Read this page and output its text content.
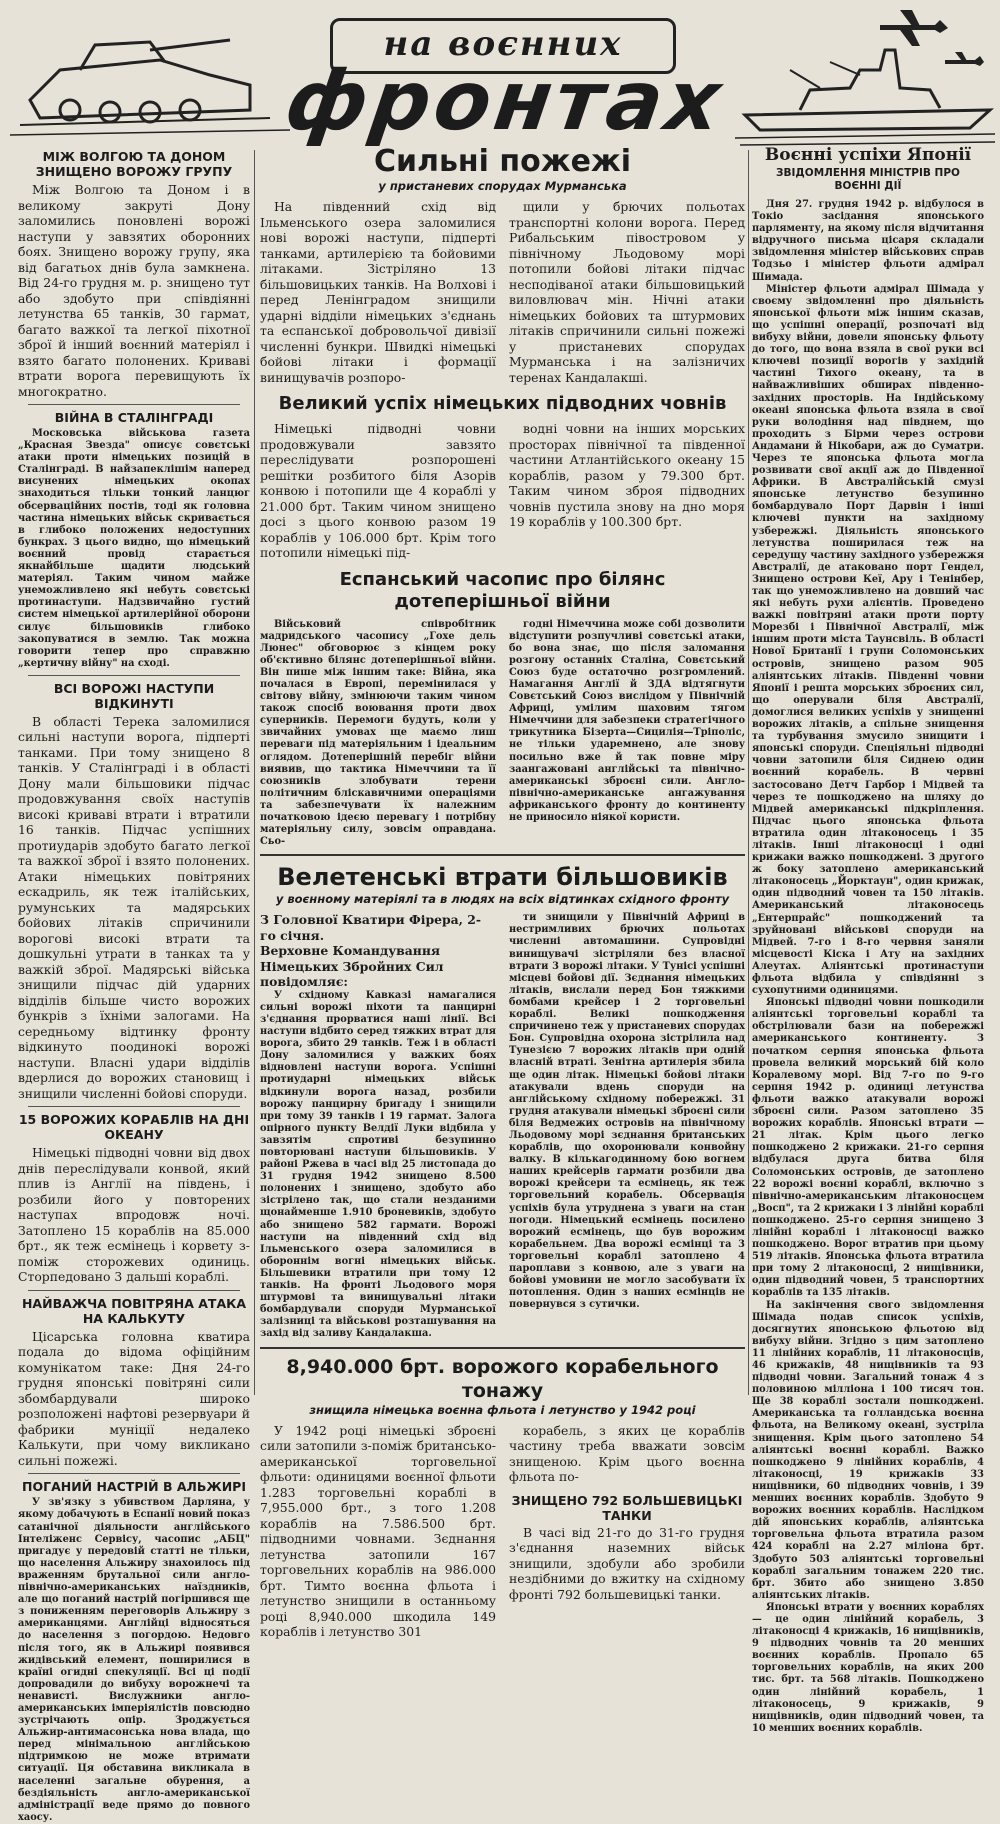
на воєнних
фронтах
МІЖ ВОЛГОЮ ТА ДОНОМ ЗНИЩЕНО ВОРОЖУ ГРУПУ

Між Волгою та Доном і в великому закруті Дону заломились поновлені ворожі наступи у завзятих оборонних боях. Знищено ворожу групу, яка від багатьох днів була замкнена. Від 24-го грудня м. р. знищено тут або здобуто при співдіянні летунства 65 танків, 30 гармат, багато важкої та легкої піхотної зброї й інший воєнний матеріял і взято багато полонених. Криваві втрати ворога перевищують їх многократно.

ВІЙНА В СТАЛІНГРАДІ

Московська військова газета „Красная Звезда" описує совєтські атаки проти німецьких позицій в Сталінграді. В найзапеклішім наперед висунених німецьких окопах знаходиться тільки тонкий ланцюг обсерваційних постів, тоді як головна частина німецьких військ скривається в глибоко положених недоступних бункрах. З цього видно, що німецький воєнний провід старається якнайбільше щадити людський матеріял. Таким чином майже унеможливлено які небуть совєтські протинаступи. Надзвичайно густий систем німецької артилерійної оборони силує більшовиків глибоко закопуватися в землю. Так можна говорити тепер про справжню „кертичну війну" на сході.

ВСІ ВОРОЖІ НАСТУПИ ВІДКИНУТІ

В області Терека заломилися сильні наступи ворога, підперті танками. При тому знищено 8 танків. У Сталінграді і в області Дону мали більшовики підчас продовжування своїх наступів високі криваві втрати і втратили 16 танків. Підчас успішних протиударів здобуто багато легкої та важкої зброї і взято полонених. Атаки німецьких повітряних ескадриль, як теж італійських, румунських та мадярських бойових літаків спричинили ворогові високі втрати та дошкульні утрати в танках та у важкій зброї. Мадярські війська знищили підчас дій ударних відділів більше чисто ворожих бункрів з їхніми залогами. На середньому відтинку фронту відкинуто поодинокі ворожі наступи. Власні удари відділів вдерлися до ворожих становищ і знищили численні бойові споруди.

15 ВОРОЖИХ КОРАБЛІВ НА ДНІ ОКЕАНУ

Німецькі підводні човни від двох днів переслідували конвой, який плив із Англії на південь, і розбили його у повторених наступах впродовж ночі. Затоплено 15 кораблів на 85.000 брт., як теж есмінець і корвету з-поміж сторожевих одиниць. Сторпедовано 3 дальші кораблі.

НАЙВАЖЧА ПОВІТРЯНА АТАКА НА КАЛЬКУТУ

Цісарська головна кватира подала до відома офіційним комунікатом таке: Дня 24-го грудня японські повітряні сили збомбардували широко розположені нафтові резервуари й фабрики муніції недалеко Калькути, при чому викликано сильні пожежі.

ПОГАНИЙ НАСТРІЙ В АЛЬЖИРІ

У зв'язку з убивством Дарляна, у якому добачують в Еспанії новий показ сатанічної діяльности англійського Інтеліженс Сервісу, часопис „АБЦ" пригадує у передовій статті не тільки, що населення Альжиру знахоилось під враженням брутальної сили англо-північно-американських наїздників, але що поганий настрій погіршився ще з пониженням переговорів Альжиру з американцями. Англійці відносяться до населення з погордою. Недовго після того, як в Альжирі появився жидівський елемент, поширилися в країні огидні спекуляції. Всі ці події допровадили до вибуху ворожнечі та ненависті. Вислужники англо-американських імперіялістів повсюдно зустрічають опір. Зроджується Альжир-антимасонська нова влада, що перед мінімальною англійською підтримкою не може втримати ситуації. Ця обставина викликала в населенні загальне обурення, а бездіяльність англо-американської адміністрації веде прямо до повного хаосу.

Сильні пожежі
у пристаневих спорудах Мурманська

На південний схід від Ільменського озера заломилися нові ворожі наступи, підперті танками, артилерією та бойовими літаками. Зістріляно 13 більшовицьких танків. На Волхові і перед Ленінградом знищили ударні відділи німецьких з'єднань та еспанської добровольчої дивізії численні бункри. Швидкі німецькі бойові літаки і формації винищувачів розпоро-

щили у брючих польотах транспортні колони ворога. Перед Рибальським півостровом у північному Льодовому морі потопили бойові літаки підчас несподіваної атаки більшовицький виловлювач мін. Нічні атаки німецьких бойових та штурмових літаків спричинили сильні пожежі у пристаневих спорудах Мурманська і на залізничих теренах Кандалакші.

Великий успіх німецьких підводних човнів

Німецькі підводні човни продовжували завзято переслідувати розпорошені решітки розбитого біля Азорів конвою і потопили ще 4 кораблі у 21.000 брт. Таким чином знищено досі з цього конвою разом 19 кораблів у 106.000 брт. Крім того потопили німецькі під-

водні човни на інших морських просторах північної та південної частини Атлантійського океану 15 кораблів, разом у 79.300 брт. Таким чином зброя підводних човнів пустила знову на дно моря 19 кораблів у 100.300 брт.

Еспанський часопис про білянс дотеперішньої війни

Військовий співробітник мадридського часопису „Гохе дель Люнес" обговорює з кінцем року об'єктивно білянс дотеперішньої війни. Він пише між іншим таке: Війна, яка почалася в Европі, перемінилася у світову війну, змінюючи таким чином також спосіб воювання проти двох суперників. Перемоги будуть, коли у звичайних умовах ще маємо лиш переваги під матеріяльним і ідеальним оглядом. Дотеперішній перебіг війни виявив, що тактика Німеччини та її союзників злобувати терени політичним бліскавичними операціями та забезпечувати їх належним початковою ідеєю перевагу і потрібну матеріяльну силу, зовсім оправдана. Сьо-

годні Німеччина може собі дозволити відступити розпучливі совєтські атаки, бо вона знає, що після заломання розгону останніх Сталіна, Совєтський Союз буде остаточно розгромлений. Намагання Англії й ЗДА відтягнути Совєтський Союз вислідом у Північній Африці, умілим шаховим тягом Німеччини для забезпеки стратегічного трикутника Бізерта—Сицилія—Тріполіс, не тільки ударемнено, але знову посильно вже й так повне міру заангажовані англійські та північно-американські зброєні сили. Англо-північно-американське ангажування африканського фронту до континенту не приносило ніякої користи.

Велетенські втрати більшовиків
у воєнному матеріялі та в людях на всіх відтинках східного фронту

З Головної Кватири Фірера, 2-го січня.

Верховне Командування Німецьких Збройних Сил повідомляє:

У східному Кавказі намагалися сильні ворожі піхоти та панцирні з'єднання прорватися наші лінії. Всі наступи відбито серед тяжких втрат для ворога, збито 29 танків. Теж і в області Дону заломилися у важких боях відновлені наступи ворога. Успішні протиударні німецьких військ відкинули ворога назад, розбили ворожу панцирну бригаду і знищили при тому 39 танків і 19 гармат. Залога опірного пункту Велдії Луки відбила у завзятім спротиві безупинно повторювані наступи більшовиків. У районі Ржева в часі від 25 листопада до 31 грудня 1942 знищено 8.500 полонених і знищено, здобуто або зістрілено так, що стали незданими щонайменше 1.910 броневиків, здобуто або знищено 582 гармати. Ворожі наступи на південний схід від Ільменського озера заломилися в обороннім вогні німецьких військ. Більшевики втратили при тому 12 танків. На фронті Льодового моря штурмові та винищувальні літаки бомбардували споруди Мурманської залізниці та військові розташування на захід від заливу Кандалакша.

ти знищили у Північній Африці в нестримливих брючих польотах численні автомашини. Супровідні винищувачі зістріляли без власної втрати 3 ворожі літаки. У Тунісі успішні місцеві бойові дії. Зєднання німецьких літаків, вислали перед Бон тяжкими бомбами крейсер і 2 торговельні кораблі. Великі пошкодження спричинено теж у пристаневих спорудах Бон. Супровідна охорона зістрілила над Тунезією 7 ворожих літаків при одній власній втраті. Зенітна артилерія збила ще один літак. Німецькі бойові літаки атакували вдень споруди на англійському східному побережжі. 31 грудня атакували німецькі зброєні сили біля Ведмежих островів на північному Льодовому морі зєднання британських кораблів, що охоронювали конвойну валку. В кількагодинному бою вогнем наших крейсерів гармати розбили два ворожі крейсери та есмінець, як теж торговельний корабель. Обсервація успіхів була утруднена з уваги на стан погоди. Німецький есмінець посилено ворожий есмінець, що був ворожим корабельнем. Два ворожі есмінці та 3 торговельні кораблі затоплено 4 пароплави з конвою, але з уваги на бойові умовини не могло засобувати їх потоплення. Один з наших есмінців не повернувся з сутички.

8,940.000 брт. ворожого корабельного тонажу
знищила німецька воєнна фльота і летунство у 1942 році

У 1942 році німецькі зброєні сили затопили з-поміж британсько-американської торговельної фльоти: одиницями воєнної фльоти 1.283 торговельні кораблі в 7,955.000 брт., з того 1.208 кораблів на 7.586.500 брт. підводними човнами. Зєднання летунства затопили 167 торговельних кораблів на 986.000 брт. Тимто воєнна фльота і летунство знищили в останньому році 8,940.000 шкодила 149 кораблів і летунство 301

корабель, з яких це кораблів частину треба вважати зовсім знищеною. Крім цього воєнна фльота по-

ЗНИЩЕНО 792 БОЛЬШЕВИЦЬКІ ТАНКИ

В часі від 21-го до 31-го грудня з'єднання наземних військ знищили, здобули або зробили нездібними до вжитку на східному фронті 792 большевицькі танки.

Воєнні успіхи Японії
ЗВІДОМЛЕННЯ МІНІСТРІВ ПРО ВОЄННІ ДІЇ

Дня 27. грудня 1942 р. відбулося в Токіо засідання японського парляменту, на якому після відчитання відручного письма цісаря складали звідомлення міністер військових справ Тодзьо і міністер фльоти адмірал Шимада.

Міністер фльоти адмірал Шімада у своєму звідомленні про діяльність японської фльоти між іншим сказав, що успішні операції, розпочаті від вибуху війни, довели японську фльоту до того, що вона взяла в свої руки всі ключеві позиції ворогів у західній частині Тихого океану, та в найважливіших обширах південно-західних просторів. На Індійському океані японська фльота взяла в свої руки володіння над півднем, що проходить з Бірми через острови Андамани й Нікобари, аж до Суматри. Через те японська фльота могла розвивати свої акції аж до Південної Африки. В Австралійській смузі японське летунство безупинно бомбардувало Порт Дарвін і інші ключеві пункти на західному узбережжі. Діяльність японського летунства поширилася теж на середущу частину західного узбережжя Австралії, де атаковано порт Гендел, Знищено острови Кеї, Ару і Тенінбер, так що унеможливлено на довший час які небуть рухи алієнтів. Проведено важкі повітряні атаки проти порту Морезбі і Північної Австралії, між іншим проти міста Таунсвіль. В області Нової Британії і групи Соломонських островів, знищено разом 905 аліянтських літаків. Південні човни Японії і решта морських зброєних сил, що оперували біля Австралії, домоглися великих успіхів у знищенні ворожих літаків, а спільне знищення та турбування змусило знищити і японські споруди. Спеціяльні підводні човни затопили біля Сиднею один воєнний корабель. В червні застосовано Детч Гарбор і Мідвей та через те пошкоджено на шляху до Мідвей американські підкріплення. Підчас цього японська фльота втратила один літаконосець і 35 літаків. Інші літаконосці і одні крижаки важко пошкоджені. З другого ж боку затоплено американський літаконосець „Йорктаун", один крижак, один підводний човен та 150 літаків. Американський літаконосець „Ентерпрайс" пошкоджений та зруйновані військові споруди на Мідвей. 7-го і 8-го червня заняли місцевості Кіска і Ату на західних Алеутах. Аліянтські протинаступи фльота відбила у співдіянні з сухопутними одиницями.

Японські підводні човни пошкодили аліянтські торговельні кораблі та обстрілювали бази на побережжі американського континенту. З початком серпня японська фльота провела великий морський бій коло Коралевому морі. Від 7-го по 9-го серпня 1942 р. одиниці летунства фльоти важко атакували ворожі зброєні сили. Разом затоплено 35 ворожих кораблів. Японські втрати — 21 літак. Крім цього легко пошкоджено 2 крижаки. 21-го серпня відбулася друга битва біля Соломонських островів, де затоплено 22 ворожі воєнні кораблі, включно з північно-американським літаконосцем „Восп", та 2 крижаки і 3 лінійні кораблі пошкоджено. 25-го серпня знищено 3 лінійні кораблі і літаконосці важко пошкоджено. Ворог втратив при цьому 519 літаків. Японська фльота втратила при тому 2 літаконосці, 2 нищівники, один підводний човен, 5 транспортних кораблів та 135 літаків.

На закінчення свого звідомлення Шімада подав список успіхів, досягнутих японською фльотою від вибуху війни. Згідно з цим затоплено 11 лінійних кораблів, 11 літаконосців, 46 крижаків, 48 нищівників та 93 підводні човни. Загальний тонаж 4 з половиною мілліона і 100 тисяч тон. Ще 38 кораблі зостали пошкоджені. Американська та голландська воєнна фльота, на Великому океані, зустріла знищення. Крім цього затоплено 54 аліянтські воєнні кораблі. Важко пошкоджено 9 лінійних кораблів, 4 літаконосці, 19 крижаків 33 нищівники, 60 підводних човнів, і 39 менших воєнних кораблів. Здобуто 9 ворожих воєнних кораблів. Наслідком дій японських кораблів, аліянтська торговельна фльота втратила разом 424 кораблі на 2.27 міліона брт. Здобуто 503 аліянтські торговельні кораблі загальним тонажем 220 тис. брт. Збито або знищено 3.850 аліянтських літаків.

Японські втрати у воєнних кораблях — це один лінійний корабель, 3 літаконосці 4 крижаків, 16 нищівників, 9 підводних човнів та 20 менших воєнних кораблів. Пропало 65 торговельних кораблів, на яких 200 тис. брт. та 568 літаків. Пошкоджено один лінійний корабель, 1 літаконосець, 9 крижаків, 9 нищівників, один підводний човен, та 10 менших воєнних кораблів.
